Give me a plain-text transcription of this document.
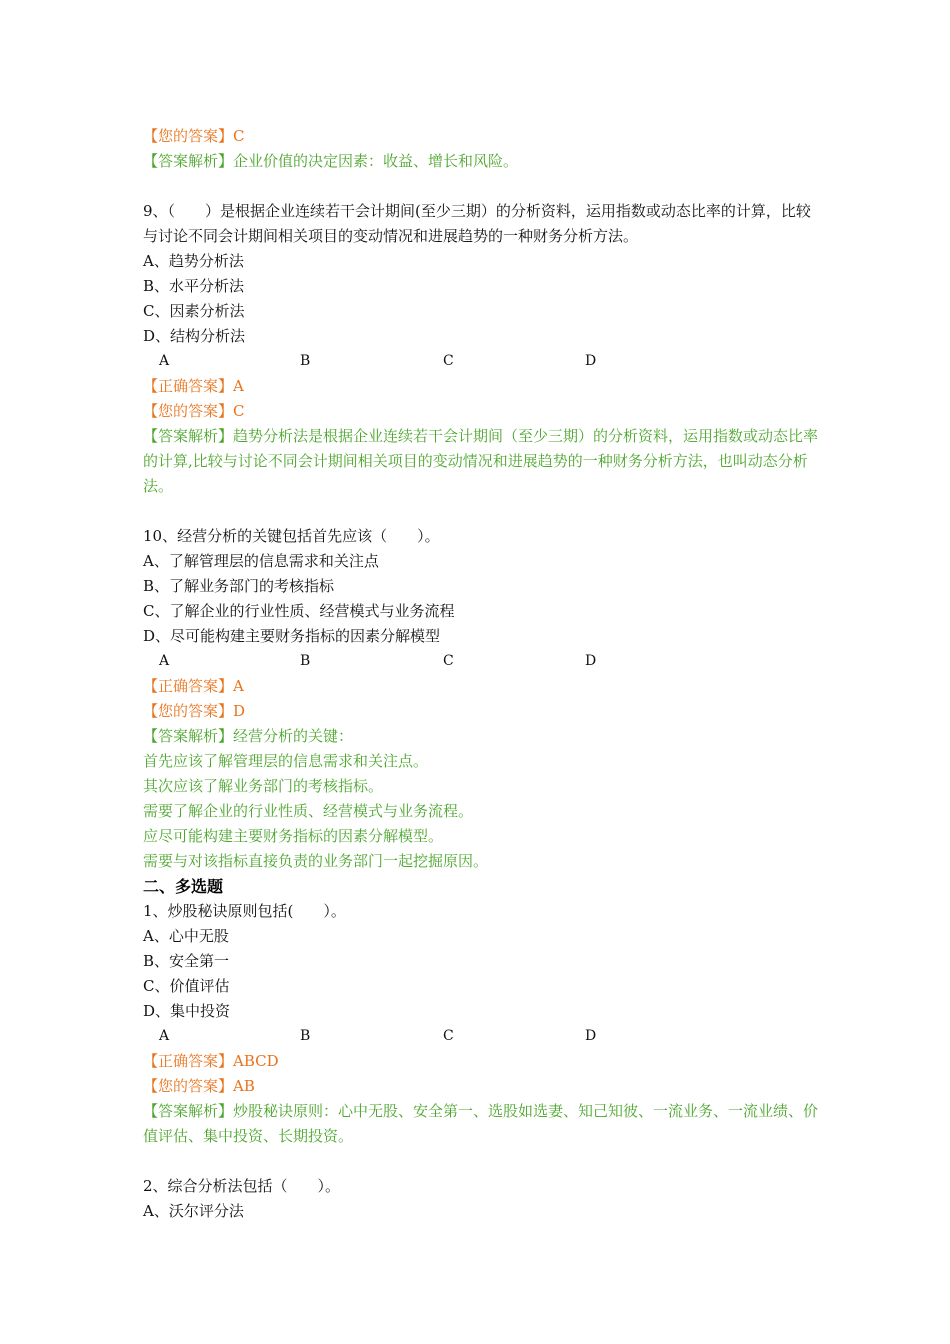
【您的答案】C
【答案解析】企业价值的决定因素：收益、增长和风险。
9、（　　）是根据企业连续若干会计期间(至少三期）的分析资料，运用指数或动态比率的计算，比较与讨论不同会计期间相关项目的变动情况和进展趋势的一种财务分析方法。
A、趋势分析法
B、水平分析法
C、因素分析法
D、结构分析法
A	B	C	D
【正确答案】A
【您的答案】C
【答案解析】趋势分析法是根据企业连续若干会计期间（至少三期）的分析资料，运用指数或动态比率的计算,比较与讨论不同会计期间相关项目的变动情况和进展趋势的一种财务分析方法，也叫动态分析法。
10、经营分析的关键包括首先应该（　　）。
A、了解管理层的信息需求和关注点
B、了解业务部门的考核指标
C、了解企业的行业性质、经营模式与业务流程
D、尽可能构建主要财务指标的因素分解模型
A	B	C	D
【正确答案】A
【您的答案】D
【答案解析】经营分析的关键：
首先应该了解管理层的信息需求和关注点。
其次应该了解业务部门的考核指标。
需要了解企业的行业性质、经营模式与业务流程。
应尽可能构建主要财务指标的因素分解模型。
需要与对该指标直接负责的业务部门一起挖掘原因。
二、多选题
1、炒股秘诀原则包括(　　）。
A、心中无股
B、安全第一
C、价值评估
D、集中投资
A	B	C	D
【正确答案】ABCD
【您的答案】AB
【答案解析】炒股秘诀原则：心中无股、安全第一、选股如选妻、知己知彼、一流业务、一流业绩、价值评估、集中投资、长期投资。
2、综合分析法包括（　　）。
A、沃尔评分法
